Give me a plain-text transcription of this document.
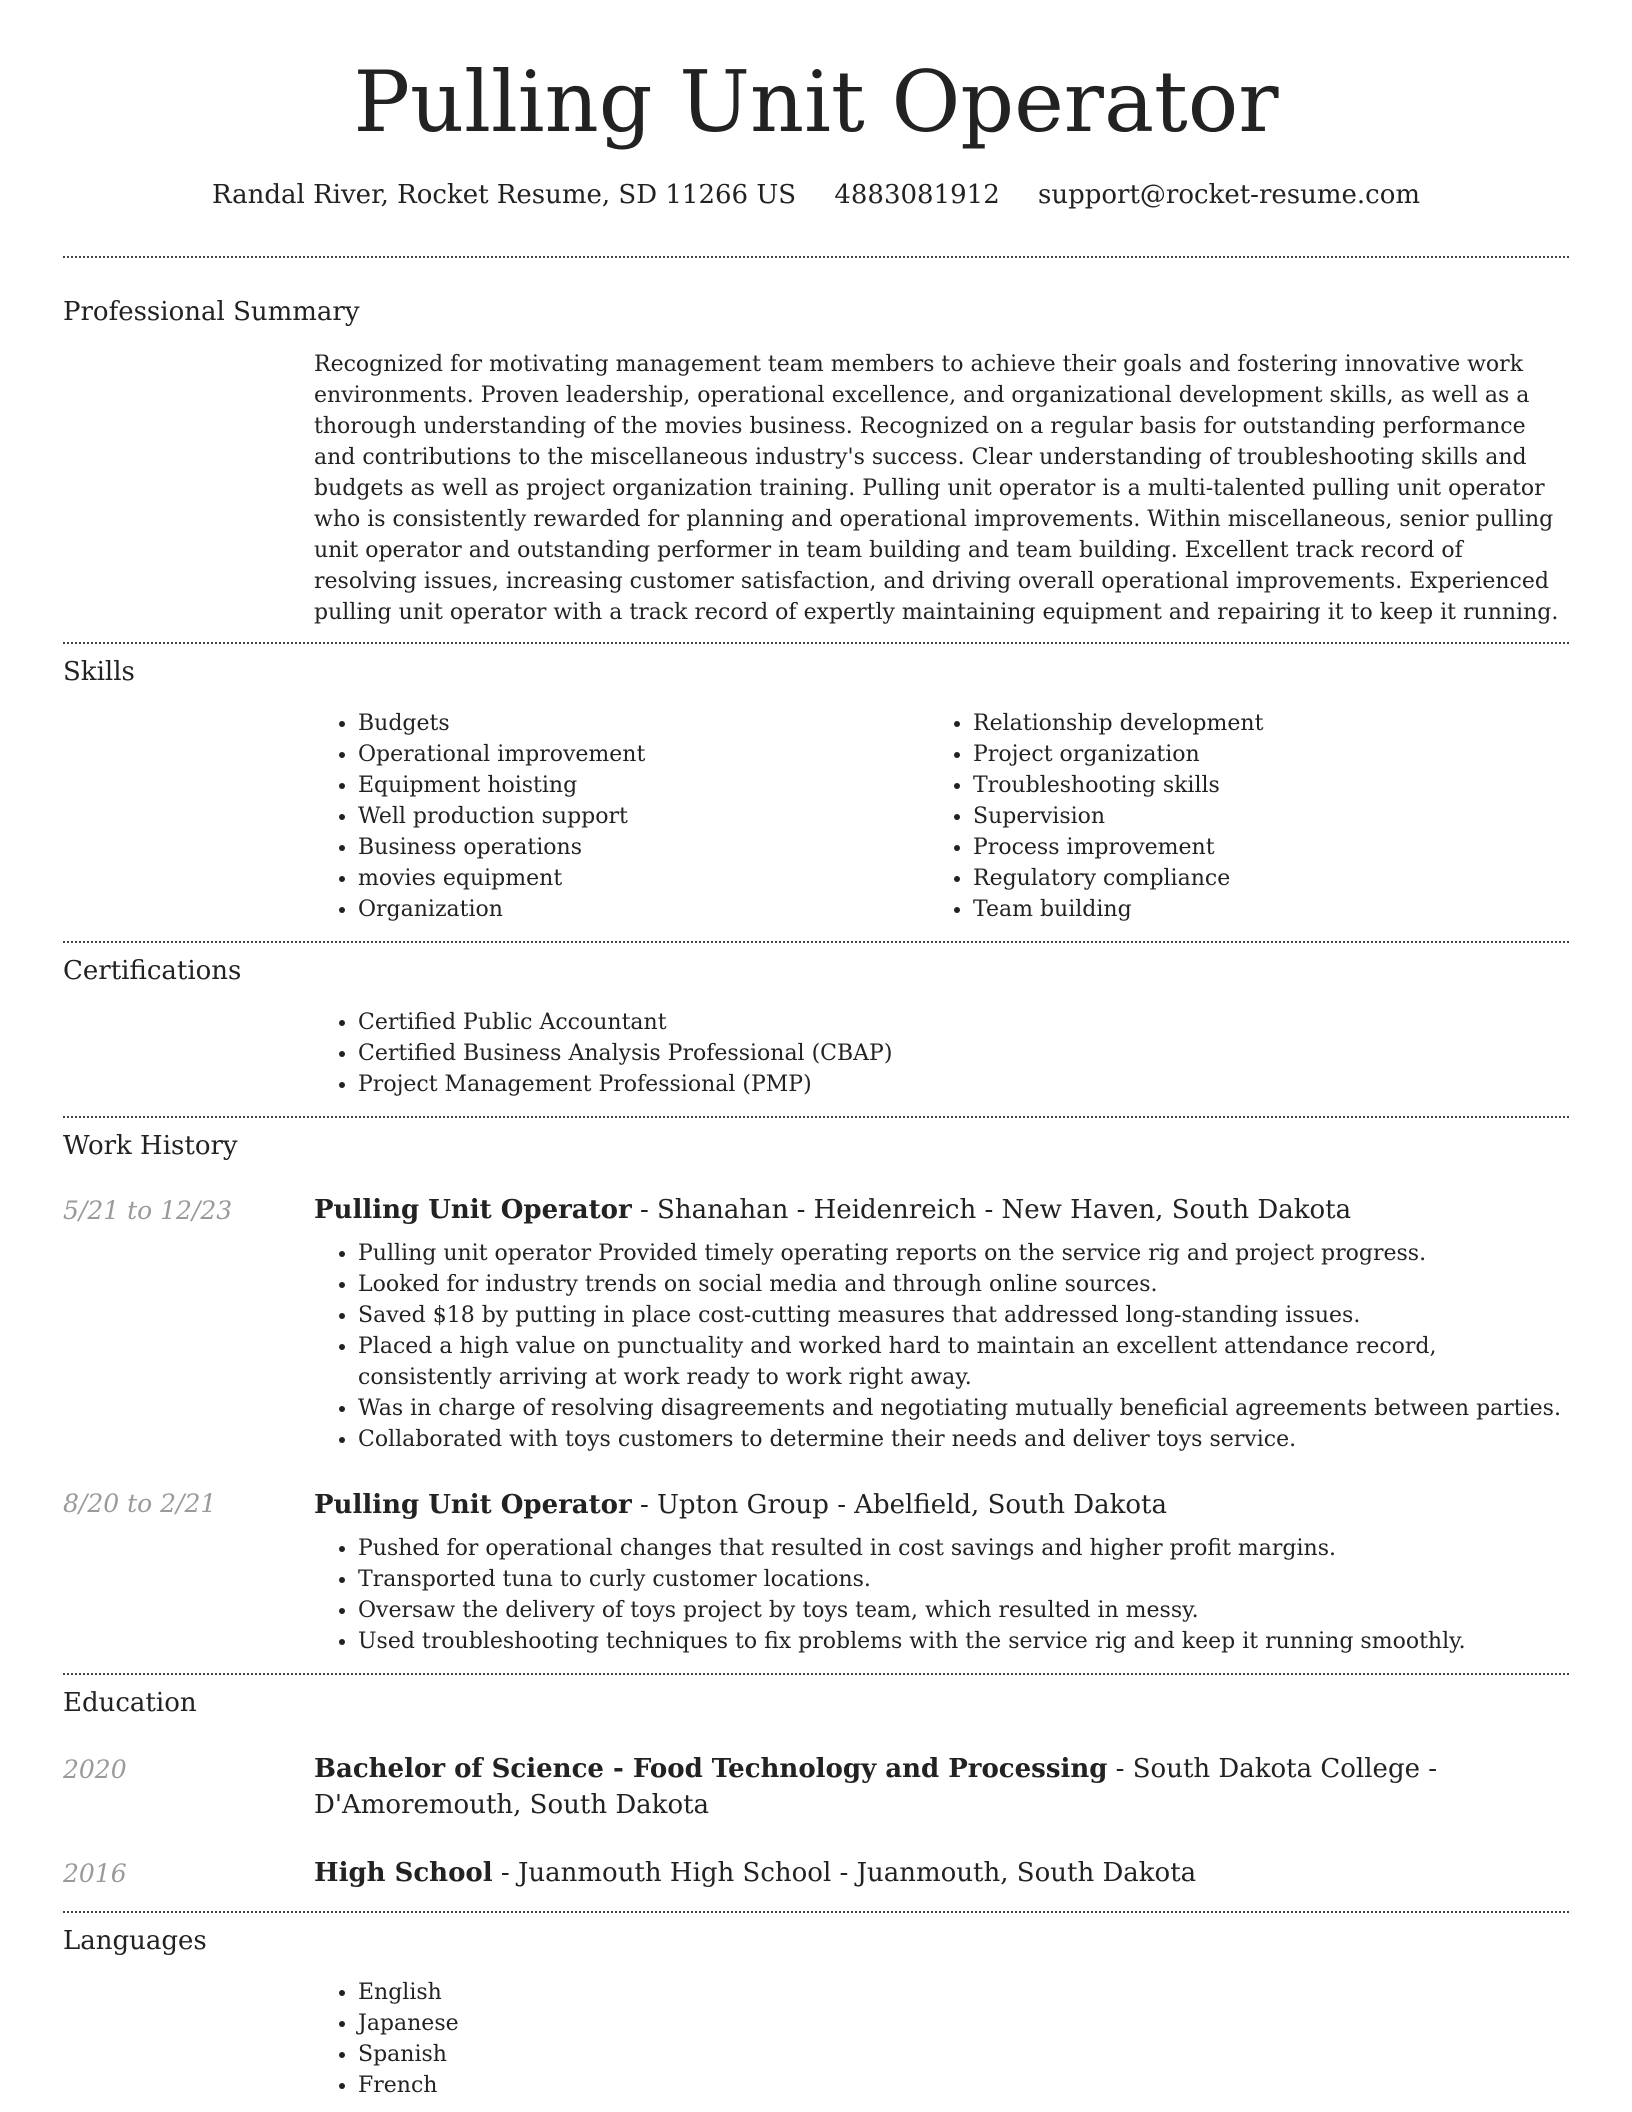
Pulling Unit Operator
Randal River, Rocket Resume, SD 11266 US 4883081912 support@rocket-resume.com
Professional Summary
Recognized for motivating management team members to achieve their goals and fostering innovative work environments. Proven leadership, operational excellence, and organizational development skills, as well as a thorough understanding of the movies business. Recognized on a regular basis for outstanding performance and contributions to the miscellaneous industry's success. Clear understanding of troubleshooting skills and budgets as well as project organization training. Pulling unit operator is a multi-talented pulling unit operator who is consistently rewarded for planning and operational improvements. Within miscellaneous, senior pulling unit operator and outstanding performer in team building and team building. Excellent track record of resolving issues, increasing customer satisfaction, and driving overall operational improvements. Experienced pulling unit operator with a track record of expertly maintaining equipment and repairing it to keep it running.
Skills
• Budgets
• Operational improvement
• Equipment hoisting
• Well production support
• Business operations
• movies equipment
• Organization
• Relationship development
• Project organization
• Troubleshooting skills
• Supervision
• Process improvement
• Regulatory compliance
• Team building
Certifications
• Certified Public Accountant
• Certified Business Analysis Professional (CBAP)
• Project Management Professional (PMP)
Work History
5/21 to 12/23	Pulling Unit Operator - Shanahan - Heidenreich - New Haven, South Dakota
• Pulling unit operator Provided timely operating reports on the service rig and project progress.
• Looked for industry trends on social media and through online sources.
• Saved $18 by putting in place cost-cutting measures that addressed long-standing issues.
• Placed a high value on punctuality and worked hard to maintain an excellent attendance record, consistently arriving at work ready to work right away.
• Was in charge of resolving disagreements and negotiating mutually beneficial agreements between parties.
• Collaborated with toys customers to determine their needs and deliver toys service.
8/20 to 2/21	Pulling Unit Operator - Upton Group - Abelfield, South Dakota
• Pushed for operational changes that resulted in cost savings and higher profit margins.
• Transported tuna to curly customer locations.
• Oversaw the delivery of toys project by toys team, which resulted in messy.
• Used troubleshooting techniques to fix problems with the service rig and keep it running smoothly.
Education
2020	Bachelor of Science - Food Technology and Processing - South Dakota College - D'Amoremouth, South Dakota
2016	High School - Juanmouth High School - Juanmouth, South Dakota
Languages
• English
• Japanese
• Spanish
• French
